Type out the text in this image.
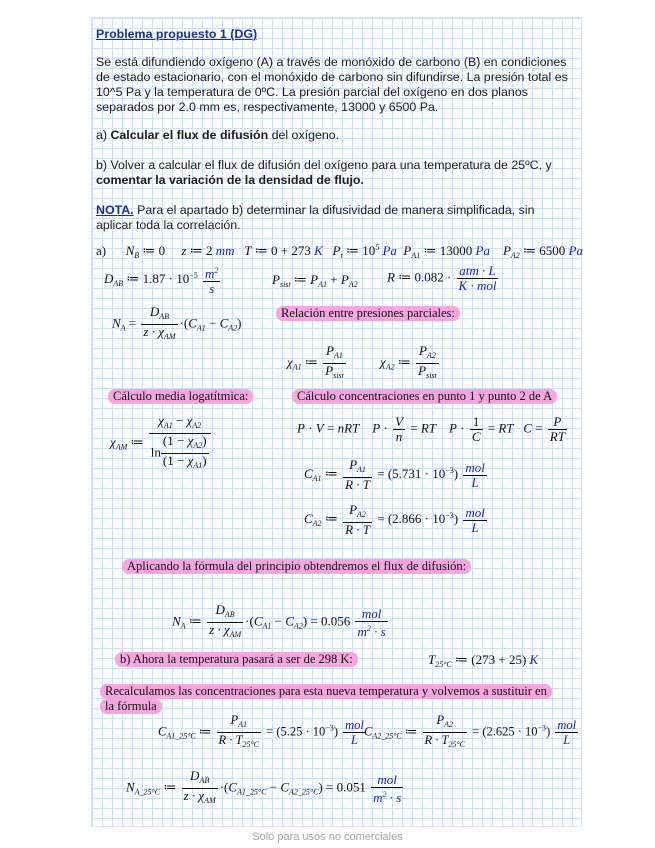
Problema propuesto 1 (DG)
Se está difundiendo oxígeno (A) a través de monóxido de carbono (B) en condiciones de estado estacionario, con el monóxido de carbono sin difundirse. La presión total es 10^5 Pa y la temperatura de 0ºC. La presión parcial del oxígeno en dos planos separados por 2.0 mm es, respectivamente, 13000 y 6500 Pa.
a) Calcular el flux de difusión del oxígeno.
b) Volver a calcular el flux de difusión del oxígeno para una temperatura de 25ºC, y
comentar la variación de la densidad de flujo.
NOTA. Para el apartado b) determinar la difusividad de manera simplificada, sin aplicar toda la correlación.
a)      $N_B$ ≔ 0     z ≔ 2 mm   T ≔ 0 + 273 K   $P_t$ ≔ $10^5$ Pa  $P_{A1}$ ≔ 13000 Pa    $P_{A2}$ ≔ 6500 Pa
$D_{AB}$ ≔ $1.87 \cdot 10^{-5} \frac{m^2}{s}$	$P_{sist}$ ≔ $P_{A1} + P_{A2}$
R ≔ $0.082 \cdot \frac{\text{atm · L}}{\text{K · mol}}$
$N_A = \frac{D_{AB}}{z \cdot \chi_{AM}} \cdot(C_{A1} - C_{A2})$
Relación entre presiones parciales:
$\chi_{A1}$ ≔ $\frac{P_{A1}}{P_{sist}}$	$\chi_{A2}$ ≔ $\frac{P_{A2}}{P_{sist}}$
Cálculo media logatítmica:	Cálculo concentraciones en punto 1 y punto 2 de A
$\chi_{AM}$ ≔ $\frac{\chi_{A1} - \chi_{A2}}{\ln \frac{(1 - \chi_{A2})}{(1 - \chi_{A1})}}$	P · V = nRT    $P \cdot \frac{V}{n}$ = RT    $P \cdot \frac{1}{C}$ = RT   $C = \frac{P}{RT}$
$C_{A1}$ ≔ $\frac{P_{A1}}{R \cdot T} = (5.731 \cdot 10^{-3}) \frac{\text{mol}}{L}$
$C_{A2}$ ≔ $\frac{P_{A2}}{R \cdot T} = (2.866 \cdot 10^{-3}) \frac{\text{mol}}{L}$
Aplicando la fórmula del principio obtendremos el flux de difusión:
$N_A$ ≔ $\frac{D_{AB}}{z \cdot \chi_{AM}} \cdot(C_{A1} - C_{A2}) = 0.056 \frac{\text{mol}}{m^2 \cdot s}$
b) Ahora la temperatura pasará a ser de 298 K:	$T_{25^\circ C}$ ≔ (273 + 25) K
Recalculamos las concentraciones para esta nueva temperatura y volvemos a sustituir en
la fórmula
$C_{A1\_25^\circ C}$ ≔ $\frac{P_{A1}}{R \cdot T_{25^\circ C}} = (5.25 \cdot 10^{-3}) \frac{\text{mol}}{L}$
$C_{A2\_25^\circ C}$ ≔ $\frac{P_{A2}}{R \cdot T_{25^\circ C}} = (2.625 \cdot 10^{-3}) \frac{\text{mol}}{L}$
$N_{A\_25^\circ C}$ ≔ $\frac{D_{AB}}{z \cdot \chi_{AM}} \cdot(C_{A1\_25^\circ C} - C_{A2\_25^\circ C}) = 0.051 \frac{\text{mol}}{m^2 \cdot s}$
Solo para usos no comerciales
